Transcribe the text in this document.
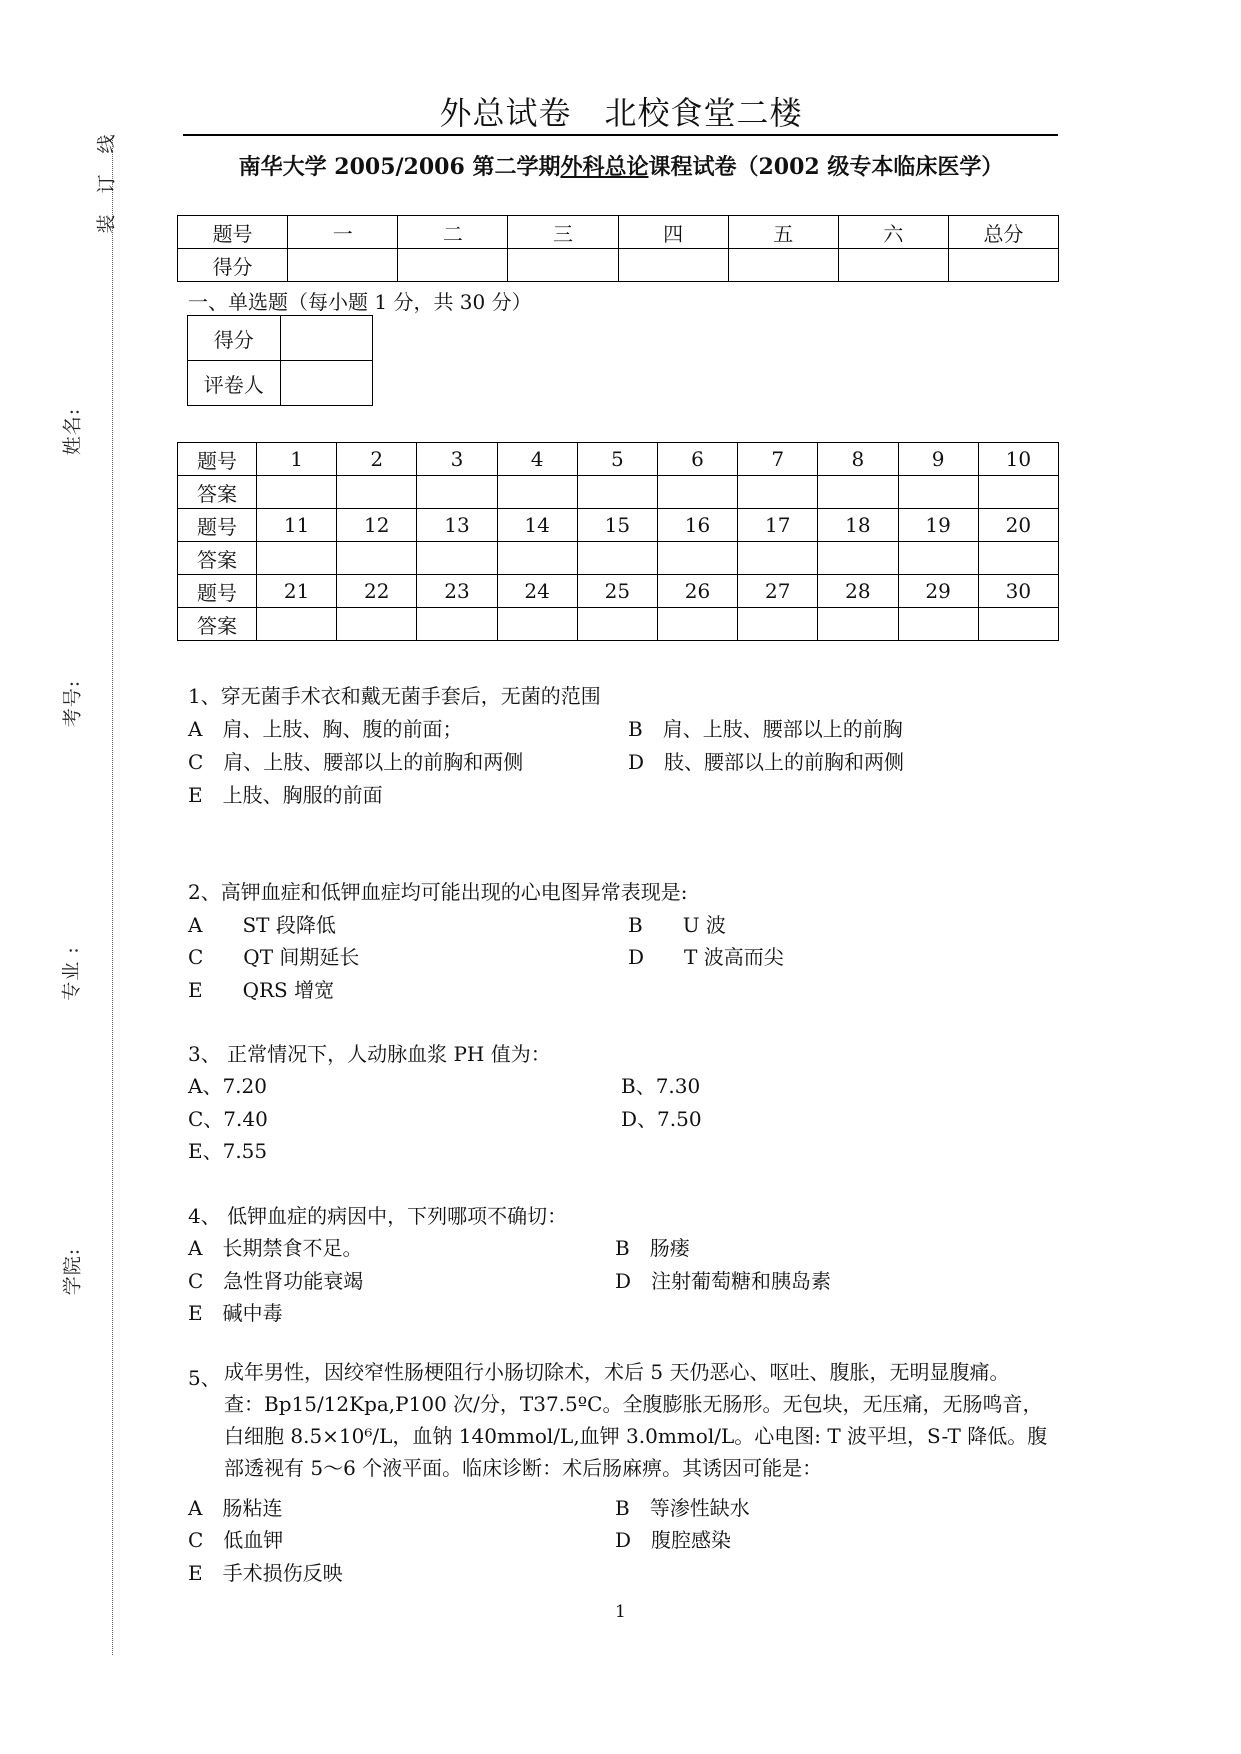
装　订　线
姓名:
考号:
专业 :
学院:
外总试卷　北校食堂二楼
南华大学 2005/2006 第二学期外科总论课程试卷（2002 级专本临床医学）
题号	一	二	三	四	五	六	总分
得分							
一、单选题（每小题 1 分，共 30 分）
得分	
评卷人	
题号	1	2	3	4	5	6	7	8	9	10
答案										
题号	11	12	13	14	15	16	17	18	19	20
答案										
题号	21	22	23	24	25	26	27	28	29	30
答案										
1、穿无菌手术衣和戴无菌手套后，无菌的范围
A　肩、上肢、胸、腹的前面；	B　肩、上肢、腰部以上的前胸
C　肩、上肢、腰部以上的前胸和两侧	D　肢、腰部以上的前胸和两侧
E　上肢、胸服的前面
2、高钾血症和低钾血症均可能出现的心电图异常表现是:
A　　ST 段降低	B　　U 波
C　　QT 间期延长	D　　T 波高而尖
E　　QRS 增宽
3、 正常情况下，人动脉血浆 PH 值为：
A、7.20	B、7.30
C、7.40	D、7.50
E、7.55
4、 低钾血症的病因中，下列哪项不确切：
A　长期禁食不足。	B　肠瘘
C　急性肾功能衰竭	D　注射葡萄糖和胰岛素
E　碱中毒
5、 成年男性，因绞窄性肠梗阻行小肠切除术，术后 5 天仍恶心、呕吐、腹胀，无明显腹痛。
查：Bp15/12Kpa,P100 次/分，T37.5ºC。全腹膨胀无肠形。无包块，无压痛，无肠鸣音，
白细胞 8.5×10⁶/L，血钠 140mmol/L,血钾 3.0mmol/L。心电图: T 波平坦，S-T 降低。腹
部透视有 5～6 个液平面。临床诊断：术后肠麻痹。其诱因可能是：
A　肠粘连	B　等渗性缺水
C　低血钾	D　腹腔感染
E　手术损伤反映
1
